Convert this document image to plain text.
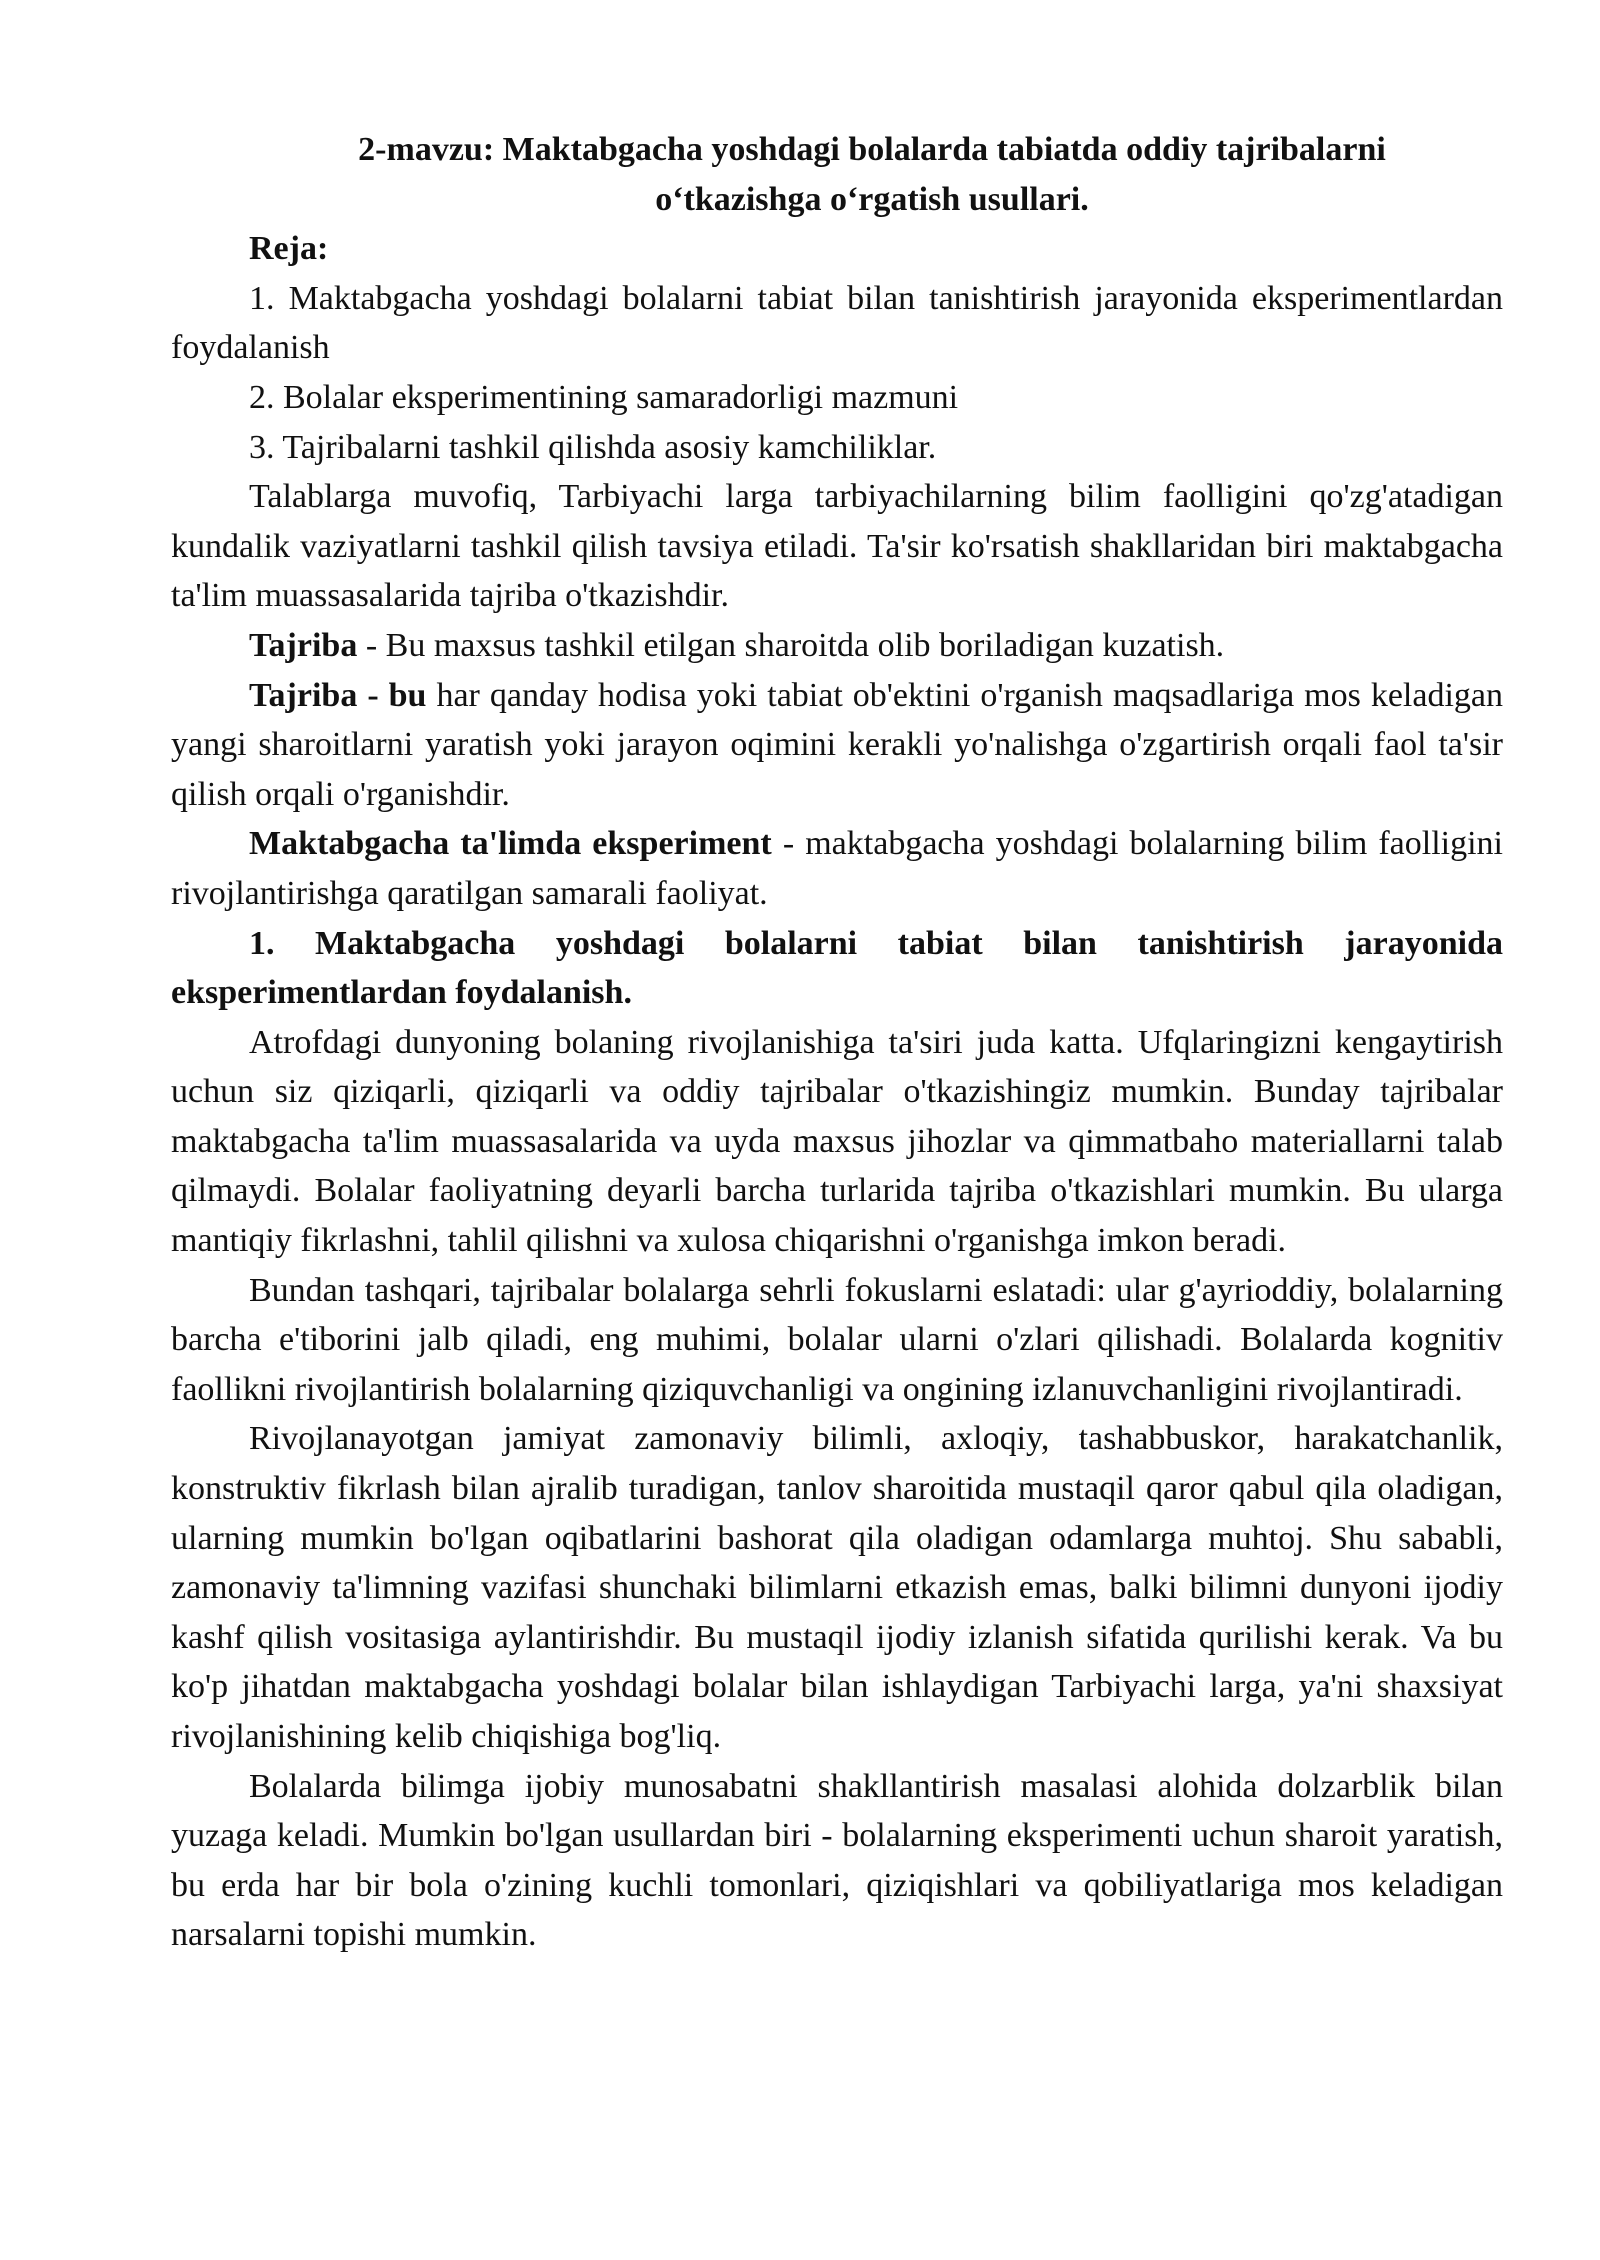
2-mavzu: Maktabgacha yoshdagi bolalarda tabiatda oddiy tajribalarni
o‘tkazishga o‘rgatish usullari.

Reja:

1. Maktabgacha yoshdagi bolalarni tabiat bilan tanishtirish jarayonida eksperimentlardan foydalanish

2. Bolalar eksperimentining samaradorligi mazmuni

3. Tajribalarni tashkil qilishda asosiy kamchiliklar.

Talablarga muvofiq, Tarbiyachi larga tarbiyachilarning bilim faolligini qo'zg'atadigan kundalik vaziyatlarni tashkil qilish tavsiya etiladi. Ta'sir ko'rsatish shakllaridan biri maktabgacha ta'lim muassasalarida tajriba o'tkazishdir.

Tajriba - Bu maxsus tashkil etilgan sharoitda olib boriladigan kuzatish.

Tajriba - bu har qanday hodisa yoki tabiat ob'ektini o'rganish maqsadlariga mos keladigan yangi sharoitlarni yaratish yoki jarayon oqimini kerakli yo'nalishga o'zgartirish orqali faol ta'sir qilish orqali o'rganishdir.

Maktabgacha ta'limda eksperiment - maktabgacha yoshdagi bolalarning bilim faolligini rivojlantirishga qaratilgan samarali faoliyat.

1. Maktabgacha yoshdagi bolalarni tabiat bilan tanishtirish jarayonida eksperimentlardan foydalanish.

Atrofdagi dunyoning bolaning rivojlanishiga ta'siri juda katta. Ufqlaringizni kengaytirish uchun siz qiziqarli, qiziqarli va oddiy tajribalar o'tkazishingiz mumkin. Bunday tajribalar maktabgacha ta'lim muassasalarida va uyda maxsus jihozlar va qimmatbaho materiallarni talab qilmaydi. Bolalar faoliyatning deyarli barcha turlarida tajriba o'tkazishlari mumkin. Bu ularga mantiqiy fikrlashni, tahlil qilishni va xulosa chiqarishni o'rganishga imkon beradi.

Bundan tashqari, tajribalar bolalarga sehrli fokuslarni eslatadi: ular g'ayrioddiy, bolalarning barcha e'tiborini jalb qiladi, eng muhimi, bolalar ularni o'zlari qilishadi. Bolalarda kognitiv faollikni rivojlantirish bolalarning qiziquvchanligi va ongining izlanuvchanligini rivojlantiradi.

Rivojlanayotgan jamiyat zamonaviy bilimli, axloqiy, tashabbuskor, harakatchanlik, konstruktiv fikrlash bilan ajralib turadigan, tanlov sharoitida mustaqil qaror qabul qila oladigan, ularning mumkin bo'lgan oqibatlarini bashorat qila oladigan odamlarga muhtoj. Shu sababli, zamonaviy ta'limning vazifasi shunchaki bilimlarni etkazish emas, balki bilimni dunyoni ijodiy kashf qilish vositasiga aylantirishdir. Bu mustaqil ijodiy izlanish sifatida qurilishi kerak. Va bu ko'p jihatdan maktabgacha yoshdagi bolalar bilan ishlaydigan Tarbiyachi larga, ya'ni shaxsiyat rivojlanishining kelib chiqishiga bog'liq.

Bolalarda bilimga ijobiy munosabatni shakllantirish masalasi alohida dolzarblik bilan yuzaga keladi. Mumkin bo'lgan usullardan biri - bolalarning eksperimenti uchun sharoit yaratish, bu erda har bir bola o'zining kuchli tomonlari, qiziqishlari va qobiliyatlariga mos keladigan narsalarni topishi mumkin.
